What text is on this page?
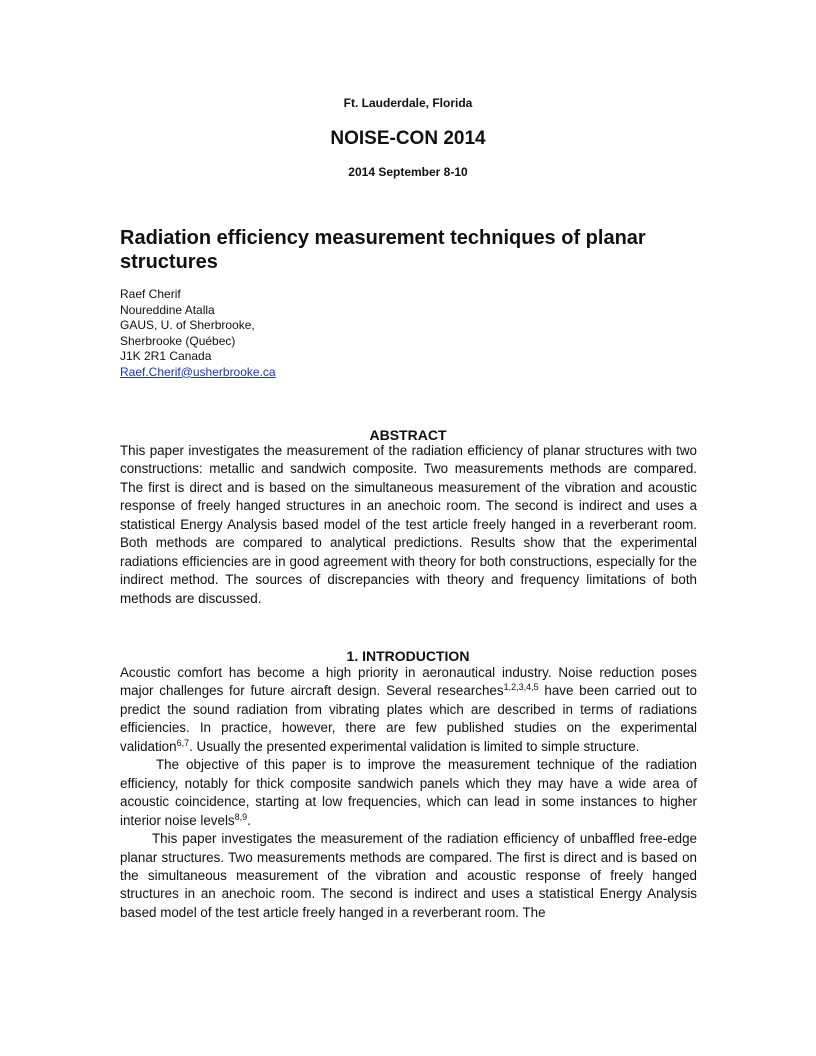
Ft. Lauderdale, Florida
NOISE-CON 2014
2014 September 8-10
Radiation efficiency measurement techniques of planar structures
Raef Cherif
Noureddine Atalla
GAUS, U. of Sherbrooke,
Sherbrooke (Québec)
J1K 2R1 Canada
Raef.Cherif@usherbrooke.ca
ABSTRACT

This paper investigates the measurement of the radiation efficiency of planar structures with two constructions: metallic and sandwich composite. Two measurements methods are compared. The first is direct and is based on the simultaneous measurement of the vibration and acoustic response of freely hanged structures in an anechoic room. The second is indirect and uses a statistical Energy Analysis based model of the test article freely hanged in a reverberant room. Both methods are compared to analytical predictions. Results show that the experimental radiations efficiencies are in good agreement with theory for both constructions, especially for the indirect method. The sources of discrepancies with theory and frequency limitations of both methods are discussed.

1. INTRODUCTION

Acoustic comfort has become a high priority in aeronautical industry. Noise reduction poses major challenges for future aircraft design. Several researches$^{1,2,3,4,5}$ have been carried out to predict the sound radiation from vibrating plates which are described in terms of radiations efficiencies. In practice, however, there are few published studies on the experimental validation$^{6,7}$. Usually the presented experimental validation is limited to simple structure.

The objective of this paper is to improve the measurement technique of the radiation efficiency, notably for thick composite sandwich panels which they may have a wide area of acoustic coincidence, starting at low frequencies, which can lead in some instances to higher interior noise levels$^{8,9}$.

This paper investigates the measurement of the radiation efficiency of unbaffled free-edge planar structures. Two measurements methods are compared. The first is direct and is based on the simultaneous measurement of the vibration and acoustic response of freely hanged structures in an anechoic room. The second is indirect and uses a statistical Energy Analysis based model of the test article freely hanged in a reverberant room. The
